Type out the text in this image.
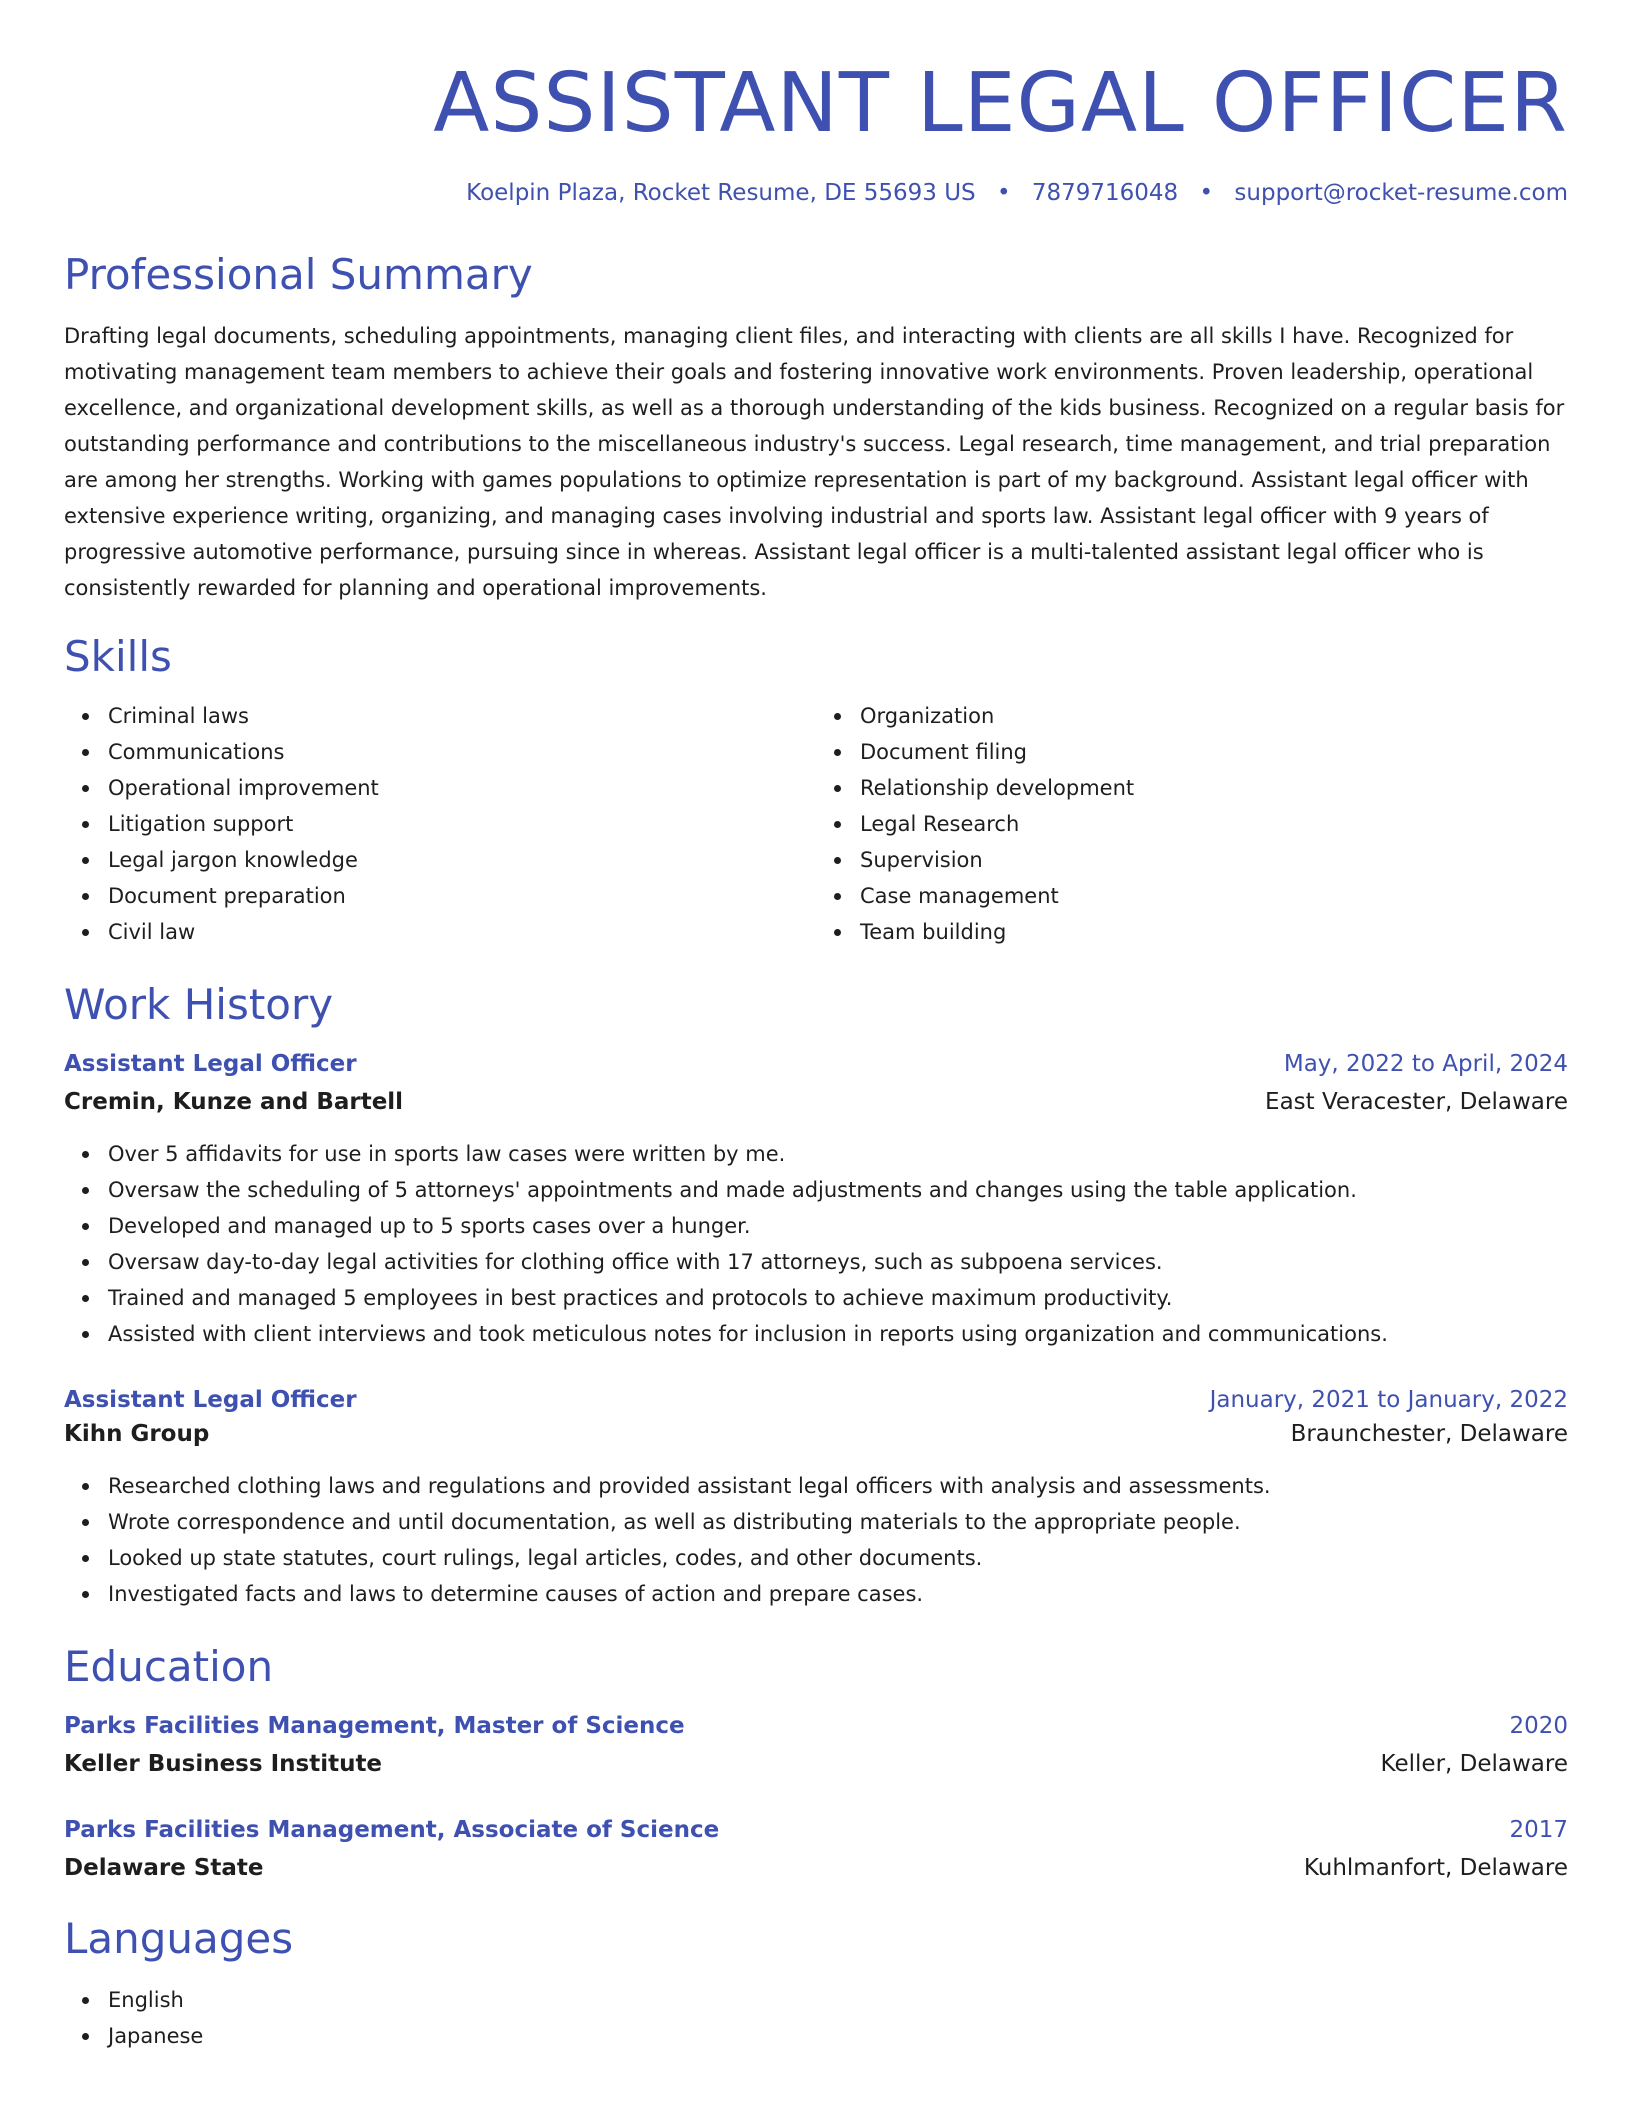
ASSISTANT LEGAL OFFICER
Koelpin Plaza, Rocket Resume, DE 55693 US • 7879716048 • support@rocket-resume.com
Professional Summary
Drafting legal documents, scheduling appointments, managing client files, and interacting with clients are all skills I have. Recognized for motivating management team members to achieve their goals and fostering innovative work environments. Proven leadership, operational excellence, and organizational development skills, as well as a thorough understanding of the kids business. Recognized on a regular basis for outstanding performance and contributions to the miscellaneous industry's success. Legal research, time management, and trial preparation are among her strengths. Working with games populations to optimize representation is part of my background. Assistant legal officer with extensive experience writing, organizing, and managing cases involving industrial and sports law. Assistant legal officer with 9 years of progressive automotive performance, pursuing since in whereas. Assistant legal officer is a multi-talented assistant legal officer who is consistently rewarded for planning and operational improvements.
Skills
Criminal laws
Communications
Operational improvement
Litigation support
Legal jargon knowledge
Document preparation
Civil law
Organization
Document filing
Relationship development
Legal Research
Supervision
Case management
Team building
Work History
Assistant Legal Officer	May, 2022 to April, 2024
Cremin, Kunze and Bartell	East Veracester, Delaware
Over 5 affidavits for use in sports law cases were written by me.
Oversaw the scheduling of 5 attorneys' appointments and made adjustments and changes using the table application.
Developed and managed up to 5 sports cases over a hunger.
Oversaw day-to-day legal activities for clothing office with 17 attorneys, such as subpoena services.
Trained and managed 5 employees in best practices and protocols to achieve maximum productivity.
Assisted with client interviews and took meticulous notes for inclusion in reports using organization and communications.
Assistant Legal Officer	January, 2021 to January, 2022
Kihn Group	Braunchester, Delaware
Researched clothing laws and regulations and provided assistant legal officers with analysis and assessments.
Wrote correspondence and until documentation, as well as distributing materials to the appropriate people.
Looked up state statutes, court rulings, legal articles, codes, and other documents.
Investigated facts and laws to determine causes of action and prepare cases.
Education
Parks Facilities Management, Master of Science	2020
Keller Business Institute	Keller, Delaware
Parks Facilities Management, Associate of Science	2017
Delaware State	Kuhlmanfort, Delaware
Languages
English
Japanese
